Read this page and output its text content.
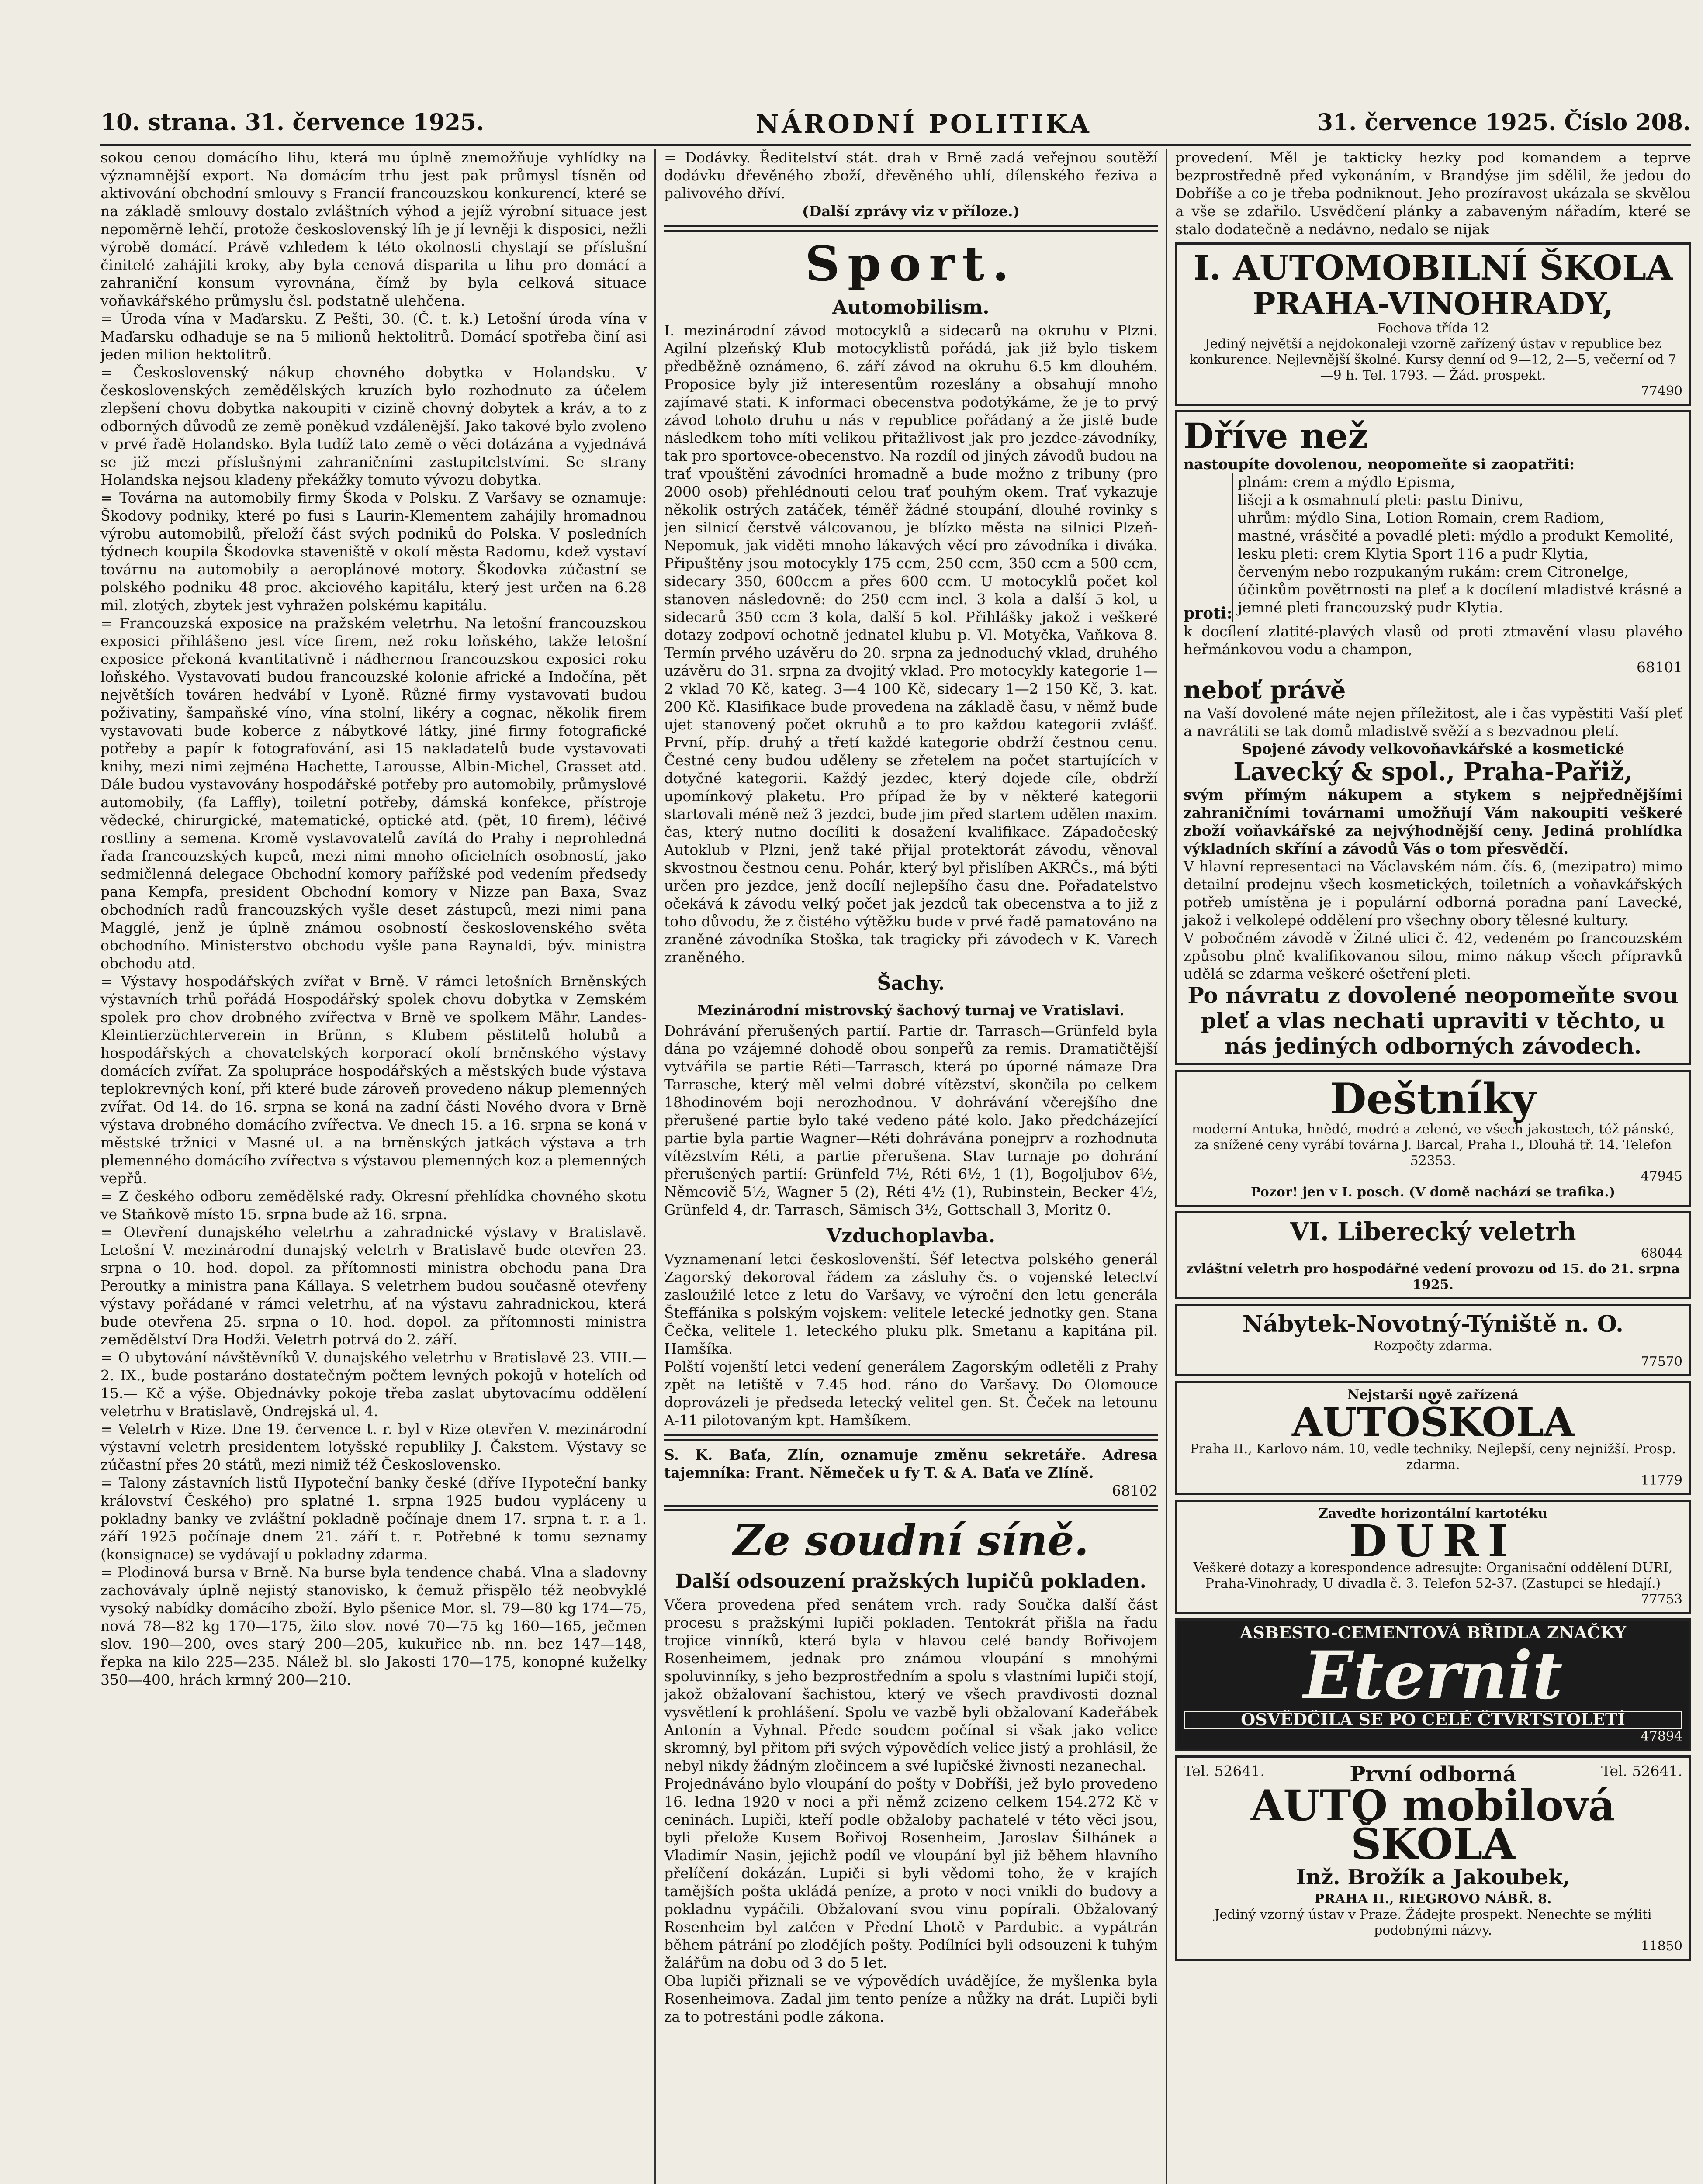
10. strana. 31. července 1925.	NÁRODNÍ POLITIKA	31. července 1925. Číslo 208.

sokou cenou domácího lihu, která mu úplně znemožňuje vyhlídky na významnější export. Na domácím trhu jest pak průmysl tísněn od aktivování obchodní smlouvy s Francií francouzskou konkurencí, které se na základě smlouvy dostalo zvláštních výhod a jejíž výrobní situace jest nepoměrně lehčí, protože československý líh je jí levněji k disposici, nežli výrobě domácí. Právě vzhledem k této okolnosti chystají se příslušní činitelé zahájiti kroky, aby byla cenová disparita u lihu pro domácí a zahraniční konsum vyrovnána, čímž by byla celková situace voňavkářského průmyslu čsl. podstatně ulehčena.

= Úroda vína v Maďarsku. Z Pešti, 30. (Č. t. k.) Letošní úroda vína v Maďarsku odhaduje se na 5 milionů hektolitrů. Domácí spotřeba činí asi jeden milion hektolitrů.

= Československý nákup chovného dobytka v Holandsku. V československých zemědělských kruzích bylo rozhodnuto za účelem zlepšení chovu dobytka nakoupiti v cizině chovný dobytek a kráv, a to z odborných důvodů ze země poněkud vzdálenější. Jako takové bylo zvoleno v prvé řadě Holandsko. Byla tudíž tato země o věci dotázána a vyjednává se již mezi příslušnými zahraničními zastupitelstvími. Se strany Holandska nejsou kladeny překážky tomuto vývozu dobytka.

= Továrna na automobily firmy Škoda v Polsku. Z Varšavy se oznamuje: Škodovy podniky, které po fusi s Laurin-Klementem zahájily hromadnou výrobu automobilů, přeloží část svých podniků do Polska. V posledních týdnech koupila Škodovka staveniště v okolí města Radomu, kdež vystaví továrnu na automobily a aeroplánové motory. Škodovka zúčastní se polského podniku 48 proc. akciového kapitálu, který jest určen na 6.28 mil. zlotých, zbytek jest vyhražen polskému kapitálu.

= Francouzská exposice na pražském veletrhu. Na letošní francouzskou exposici přihlášeno jest více firem, než roku loňského, takže letošní exposice překoná kvantitativně i nádhernou francouzskou exposici roku loňského. Vystavovati budou francouzské kolonie africké a Indočína, pět největších továren hedvábí v Lyoně. Různé firmy vystavovati budou poživatiny, šampaňské víno, vína stolní, likéry a cognac, několik firem vystavovati bude koberce z nábytkové látky, jiné firmy fotografické potřeby a papír k fotografování, asi 15 nakladatelů bude vystavovati knihy, mezi nimi zejména Hachette, Larousse, Albin-Michel, Grasset atd. Dále budou vystavovány hospodářské potřeby pro automobily, průmyslové automobily, (fa Laffly), toiletní potřeby, dámská konfekce, přístroje vědecké, chirurgické, matematické, optické atd. (pět, 10 firem), léčivé rostliny a semena. Kromě vystavovatelů zavítá do Prahy i neprohledná řada francouzských kupců, mezi nimi mnoho oficielních osobností, jako sedmičlenná delegace Obchodní komory pařížské pod vedením předsedy pana Kempfa, president Obchodní komory v Nizze pan Baxa, Svaz obchodních radů francouzských vyšle deset zástupců, mezi nimi pana Magglé, jenž je úplně známou osobností československého světa obchodního. Ministerstvo obchodu vyšle pana Raynaldi, býv. ministra obchodu atd.

= Výstavy hospodářských zvířat v Brně. V rámci letošních Brněnských výstavních trhů pořádá Hospodářský spolek chovu dobytka v Zemském spolek pro chov drobného zvířectva v Brně ve spolkem Mähr. Landes-Kleintierzüchterverein in Brünn, s Klubem pěstitelů holubů a hospodářských a chovatelských korporací okolí brněnského výstavy domácích zvířat. Za spolupráce hospodářských a městských bude výstava teplokrevných koní, při které bude zároveň provedeno nákup plemenných zvířat. Od 14. do 16. srpna se koná na zadní části Nového dvora v Brně výstava drobného domácího zvířectva. Ve dnech 15. a 16. srpna se koná v městské tržnici v Masné ul. a na brněnských jatkách výstava a trh plemenného domácího zvířectva s výstavou plemenných koz a plemenných vepřů.

= Z českého odboru zemědělské rady. Okresní přehlídka chovného skotu ve Staňkově místo 15. srpna bude až 16. srpna.

= Otevření dunajského veletrhu a zahradnické výstavy v Bratislavě. Letošní V. mezinárodní dunajský veletrh v Bratislavě bude otevřen 23. srpna o 10. hod. dopol. za přítomnosti ministra obchodu pana Dra Peroutky a ministra pana Kállaya. S veletrhem budou současně otevřeny výstavy pořádané v rámci veletrhu, ať na výstavu zahradnickou, která bude otevřena 25. srpna o 10. hod. dopol. za přítomnosti ministra zemědělství Dra Hodži. Veletrh potrvá do 2. září.

= O ubytování návštěvníků V. dunajského veletrhu v Bratislavě 23. VIII.—2. IX., bude postaráno dostatečným počtem levných pokojů v hotelích od 15.— Kč a výše. Objednávky pokoje třeba zaslat ubytovacímu oddělení veletrhu v Bratislavě, Ondrejská ul. 4.

= Veletrh v Rize. Dne 19. července t. r. byl v Rize otevřen V. mezinárodní výstavní veletrh presidentem lotyšské republiky J. Čakstem. Výstavy se zúčastní přes 20 států, mezi nimiž též Československo.

= Talony zástavních listů Hypoteční banky české (dříve Hypoteční banky království Českého) pro splatné 1. srpna 1925 budou vypláceny u pokladny banky ve zvláštní pokladně počínaje dnem 17. srpna t. r. a 1. září 1925 počínaje dnem 21. září t. r. Potřebné k tomu seznamy (konsignace) se vydávají u pokladny zdarma.

= Plodinová bursa v Brně. Na burse byla tendence chabá. Vlna a sladovny zachovávaly úplně nejistý stanovisko, k čemuž přispělo též neobvyklé vysoký nabídky domácího zboží. Bylo pšenice Mor. sl. 79—80 kg 174—75, nová 78—82 kg 170—175, žito slov. nové 70—75 kg 160—165, ječmen slov. 190—200, oves starý 200—205, kukuřice nb. nn. bez 147—148, řepka na kilo 225—235. Nálež bl. slo Jakosti 170—175, konopné kuželky 350—400, hrách krmný 200—210.

= Dodávky. Ředitelství stát. drah v Brně zadá veřejnou soutěží dodávku dřevěného zboží, dřevěného uhlí, dílenského řeziva a palivového dříví.

(Další zprávy viz v příloze.)

Sport.
Automobilism.

I. mezinárodní závod motocyklů a sidecarů na okruhu v Plzni. Agilní plzeňský Klub motocyklistů pořádá, jak již bylo tiskem předběžně oznámeno, 6. září závod na okruhu 6.5 km dlouhém. Proposice byly již interesentům rozeslány a obsahují mnoho zajímavé stati. K informaci obecenstva podotýkáme, že je to prvý závod tohoto druhu u nás v republice pořádaný a že jistě bude následkem toho míti velikou přitažlivost jak pro jezdce-závodníky, tak pro sportovce-obecenstvo. Na rozdíl od jiných závodů budou na trať vpouštěni závodníci hromadně a bude možno z tribuny (pro 2000 osob) přehlédnouti celou trať pouhým okem. Trať vykazuje několik ostrých zatáček, téměř žádné stoupání, dlouhé rovinky s jen silnicí čerstvě válcovanou, je blízko města na silnici Plzeň-Nepomuk, jak viděti mnoho lákavých věcí pro závodníka i diváka. Připuštěny jsou motocykly 175 ccm, 250 ccm, 350 ccm a 500 ccm, sidecary 350, 600ccm a přes 600 ccm. U motocyklů počet kol stanoven následovně: do 250 ccm incl. 3 kola a další 5 kol, u sidecarů 350 ccm 3 kola, další 5 kol. Přihlášky jakož i veškeré dotazy zodpoví ochotně jednatel klubu p. Vl. Motyčka, Vaňkova 8. Termín prvého uzávěru do 20. srpna za jednoduchý vklad, druhého uzávěru do 31. srpna za dvojitý vklad. Pro motocykly kategorie 1—2 vklad 70 Kč, kateg. 3—4 100 Kč, sidecary 1—2 150 Kč, 3. kat. 200 Kč. Klasifikace bude provedena na základě času, v němž bude ujet stanovený počet okruhů a to pro každou kategorii zvlášť. První, příp. druhý a třetí každé kategorie obdrží čestnou cenu. Čestné ceny budou uděleny se zřetelem na počet startujících v dotyčné kategorii. Každý jezdec, který dojede cíle, obdrží upomínkový plaketu. Pro případ že by v některé kategorii startovali méně než 3 jezdci, bude jim před startem udělen maxim. čas, který nutno docíliti k dosažení kvalifikace. Západočeský Autoklub v Plzni, jenž také přijal protektorát závodu, věnoval skvostnou čestnou cenu. Pohár, který byl přislíben AKRČs., má býti určen pro jezdce, jenž docílí nejlepšího času dne. Pořadatelstvo očekává k závodu velký počet jak jezdců tak obecenstva a to již z toho důvodu, že z čistého výtěžku bude v prvé řadě pamatováno na zraněné závodníka Stoška, tak tragicky při závodech v K. Varech zraněného.

Šachy.
Mezinárodní mistrovský šachový turnaj ve Vratislavi.

Dohrávání přerušených partií. Partie dr. Tarrasch—Grünfeld byla dána po vzájemné dohodě obou sonpeřů za remis. Dramatičtější vytvářila se partie Réti—Tarrasch, která po úporné námaze Dra Tarrasche, který měl velmi dobré vítězství, skončila po celkem 18hodinovém boji nerozhodnou. V dohrávání včerejšího dne přerušené partie bylo také vedeno páté kolo. Jako předcházející partie byla partie Wagner—Réti dohrávána ponejprv a rozhodnuta vítězstvím Réti, a partie přerušena. Stav turnaje po dohrání přerušených partií: Grünfeld 7½, Réti 6½, 1 (1), Bogoljubov 6½, Němcovič 5½, Wagner 5 (2), Réti 4½ (1), Rubinstein, Becker 4½, Grünfeld 4, dr. Tarrasch, Sämisch 3½, Gottschall 3, Moritz 0.

Vzduchoplavba.

Vyznamenaní letci českoslovenští. Šéf letectva polského generál Zagorský dekoroval řádem za zásluhy čs. o vojenské letectví zasloužilé letce z letu do Varšavy, ve výroční den letu generála Šteffánika s polským vojskem: velitele letecké jednotky gen. Stana Čečka, velitele 1. leteckého pluku plk. Smetanu a kapitána pil. Hamšíka.

Polští vojenští letci vedení generálem Zagorským odletěli z Prahy zpět na letiště v 7.45 hod. ráno do Varšavy. Do Olomouce doprovázeli je předseda letecký velitel gen. St. Čeček na letounu A-11 pilotovaným kpt. Hamšíkem.

S. K. Baťa, Zlín, oznamuje změnu sekretáře. Adresa tajemníka: Frant. Němeček u fy T. & A. Baťa ve Zlíně.

68102

Ze soudní síně.
Další odsouzení pražských lupičů pokladen.

Včera provedena před senátem vrch. rady Součka další část procesu s pražskými lupiči pokladen. Tentokrát přišla na řadu trojice vinníků, která byla v hlavou celé bandy Bořivojem Rosenheimem, jednak pro známou vloupání s mnohými spoluvinníky, s jeho bezprostředním a spolu s vlastními lupiči stojí, jakož obžalovaní šachistou, který ve všech pravdivosti doznal vysvětlení k prohlášení. Spolu ve vazbě byli obžalovaní Kadeřábek Antonín a Vyhnal. Přede soudem počínal si však jako velice skromný, byl přitom při svých výpovědích velice jistý a prohlásil, že nebyl nikdy žádným zločincem a své lupičské živnosti nezanechal.

Projednáváno bylo vloupání do pošty v Dobříši, jež bylo provedeno 16. ledna 1920 v noci a při němž zcizeno celkem 154.272 Kč v ceninách. Lupiči, kteří podle obžaloby pachatelé v této věci jsou, byli přelože Kusem Bořivoj Rosenheim, Jaroslav Šilhánek a Vladimír Nasin, jejichž podíl ve vloupání byl již během hlavního přelíčení dokázán. Lupiči si byli vědomi toho, že v krajích tamějších pošta ukládá peníze, a proto v noci vnikli do budovy a pokladnu vypáčili. Obžalovaní svou vinu popírali. Obžalovaný Rosenheim byl zatčen v Přední Lhotě v Pardubic. a vypátrán během pátrání po zlodějích pošty. Podílníci byli odsouzeni k tuhým žalářům na dobu od 3 do 5 let.

Oba lupiči přiznali se ve výpovědích uvádějíce, že myšlenka byla Rosenheimova. Zadal jim tento peníze a nůžky na drát. Lupiči byli za to potrestáni podle zákona.

provedení. Měl je takticky hezky pod komandem a teprve bezprostředně před vykonáním, v Brandýse jim sdělil, že jedou do Dobříše a co je třeba podniknout. Jeho prozíravost ukázala se skvělou a vše se zdařilo. Usvědčení plánky a zabaveným nářadím, které se stalo dodatečně a nedávno, nedalo se nijak

I. AUTOMOBILNÍ ŠKOLA
PRAHA-VINOHRADY,
Fochova třída 12
Jediný největší a nejdokonaleji vzorně zařízený ústav v republice bez konkurence. Nejlevnější školné. Kursy denní od 9—12, 2—5, večerní od 7—9 h. Tel. 1793. — Žád. prospekt.
77490
Dříve než

nastoupíte dovolenou, neopomeňte si zaopatřiti:

proti:

plnám: crem a mýdlo Episma,

lišeji a k osmahnutí pleti: pastu Dinivu,

uhrům: mýdlo Sina, Lotion Romain, crem Radiom,

mastné, vrásčité a povadlé pleti: mýdlo a produkt Kemolité,

lesku pleti: crem Klytia Sport 116 a pudr Klytia,

červeným nebo rozpukaným rukám: crem Citronelge,

účinkům povětrnosti na pleť a k docílení mladistvé krásné a jemné pleti francouzský pudr Klytia.

k docílení zlatité-plavých vlasů od proti ztmavění vlasu plavého heřmánkovou vodu a champon,

68101

neboť právě

na Vaší dovolené máte nejen příležitost, ale i čas vypěstiti Vaší pleť a navrátiti se tak domů mladistvě svěží a s bezvadnou pletí.

Spojené závody velkovoňavkářské a kosmetické

Lavecký & spol., Praha-Pařiž,

svým přímým nákupem a stykem s nejpřednějšími zahraničními továrnami umožňují Vám nakoupiti veškeré zboží voňavkářské za nejvýhodnější ceny. Jediná prohlídka výkladních skříní a závodů Vás o tom přesvědčí.

V hlavní representaci na Václavském nám. čís. 6, (mezipatro) mimo detailní prodejnu všech kosmetických, toiletních a voňavkářských potřeb umístěna je i populární odborná poradna paní Lavecké, jakož i velkolepé oddělení pro všechny obory tělesné kultury.

V pobočném závodě v Žitné ulici č. 42, vedeném po francouzském způsobu plně kvalifikovanou silou, mimo nákup všech přípravků udělá se zdarma veškeré ošetření pleti.

Po návratu z dovolené neopomeňte svou pleť a vlas nechati upraviti v těchto, u nás jediných odborných závodech.

Deštníky
moderní Antuka, hnědé, modré a zelené, ve všech jakostech, též pánské, za snížené ceny vyrábí továrna J. Barcal, Praha I., Dlouhá tř. 14. Telefon 52353.
47945
Pozor! jen v I. posch. (V domě nachází se trafika.)
VI. Liberecký veletrh
68044
zvláštní veletrh pro hospodářné vedení provozu od 15. do 21. srpna 1925.
Nábytek-Novotný-Týniště n. O.
Rozpočty zdarma.
77570
Nejstarší nově zařízená
AUTOŠKOLA
Praha II., Karlovo nám. 10, vedle techniky. Nejlepší, ceny nejnižší. Prosp. zdarma.
11779
Zaveďte horizontální kartotéku
DURI
Veškeré dotazy a korespondence adresujte: Organisační oddělení DURI, Praha-Vinohrady, U divadla č. 3. Telefon 52-37. (Zastupci se hledají.)
77753
ASBESTO-CEMENTOVÁ BŘIDLA ZNAČKY
Eternit
OSVĚDČILA SE PO CELÉ ČTVRTSTOLETÍ
47894
Tel. 52641.	První odborná	Tel. 52641.
AUTO mobilová ŠKOLA
Inž. Brožík a Jakoubek,
PRAHA II., RIEGROVO NÁBŘ. 8.
Jediný vzorný ústav v Praze. Žádejte prospekt. Nenechte se mýliti podobnými názvy.
11850
